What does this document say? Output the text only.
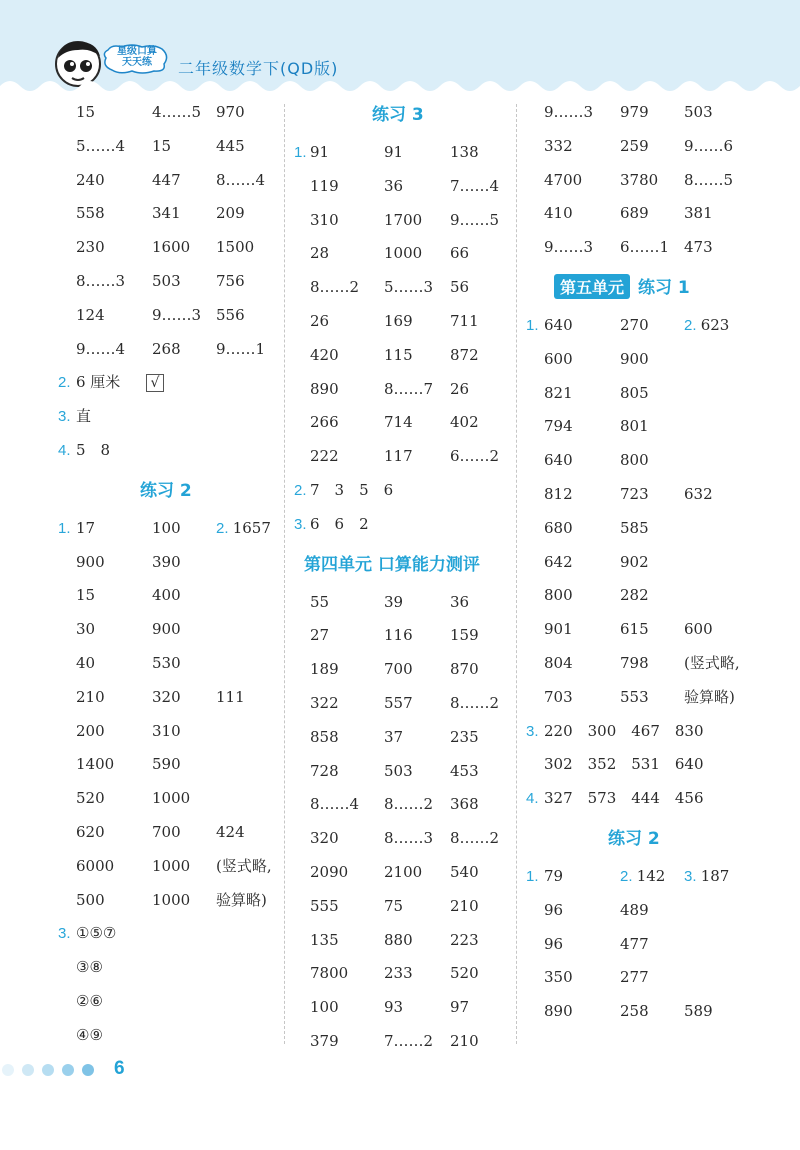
星级口算
天天练	二年级数学下(QD版)
15	4……5 970
5……4 15	445
240	447 8……4
558	341 209
230	1600 1500
8……3 503 756
124	9……3 556
9……4 268 9……1
2. 6 厘米	√
3. 直
4. 5　8
练习 2
1. 17	100 2. 1657
900	390
15	400
30	900
40	530
210	320 111
200	310
1400	590
520	1000
620	700 424
6000	1000 (竖式略,
500	1000 验算略)
3. ①⑤⑦
③⑧
②⑥
④⑨
练习 3
1. 91	91	138
119	36	7……4
310	1700 9……5
28	1000 66
8……2 5……3 56
26	169 711
420	115 872
890	8……7 26
266	714 402
222	117 6……2
2. 7　3　5　6
3. 6　6　2
第四单元 口算能力测评
55	39	36
27	116 159
189	700 870
322	557 8……2
858	37	235
728	503 453
8……4 8……2 368
320	8……3 8……2
2090 2100 540
555	75	210
135	880 223
7800 233 520
100	93	97
379	7……2 210
9……3 979 503
332	259 9……6
4700	3780 8……5
410	689 381
9……3 6……1 473
第五单元 练习 1
1. 640	270 2. 623
600	900
821	805
794	801
640	800
812	723 632
680	585
642	902
800	282
901	615 600
804	798 (竖式略,
703	553 验算略)
3. 220　300　467　830
302　352　531　640
4. 327　573　444　456
练习 2
1. 79	2. 142 3. 187
96	489
96	477
350	277
890	258 589
6
